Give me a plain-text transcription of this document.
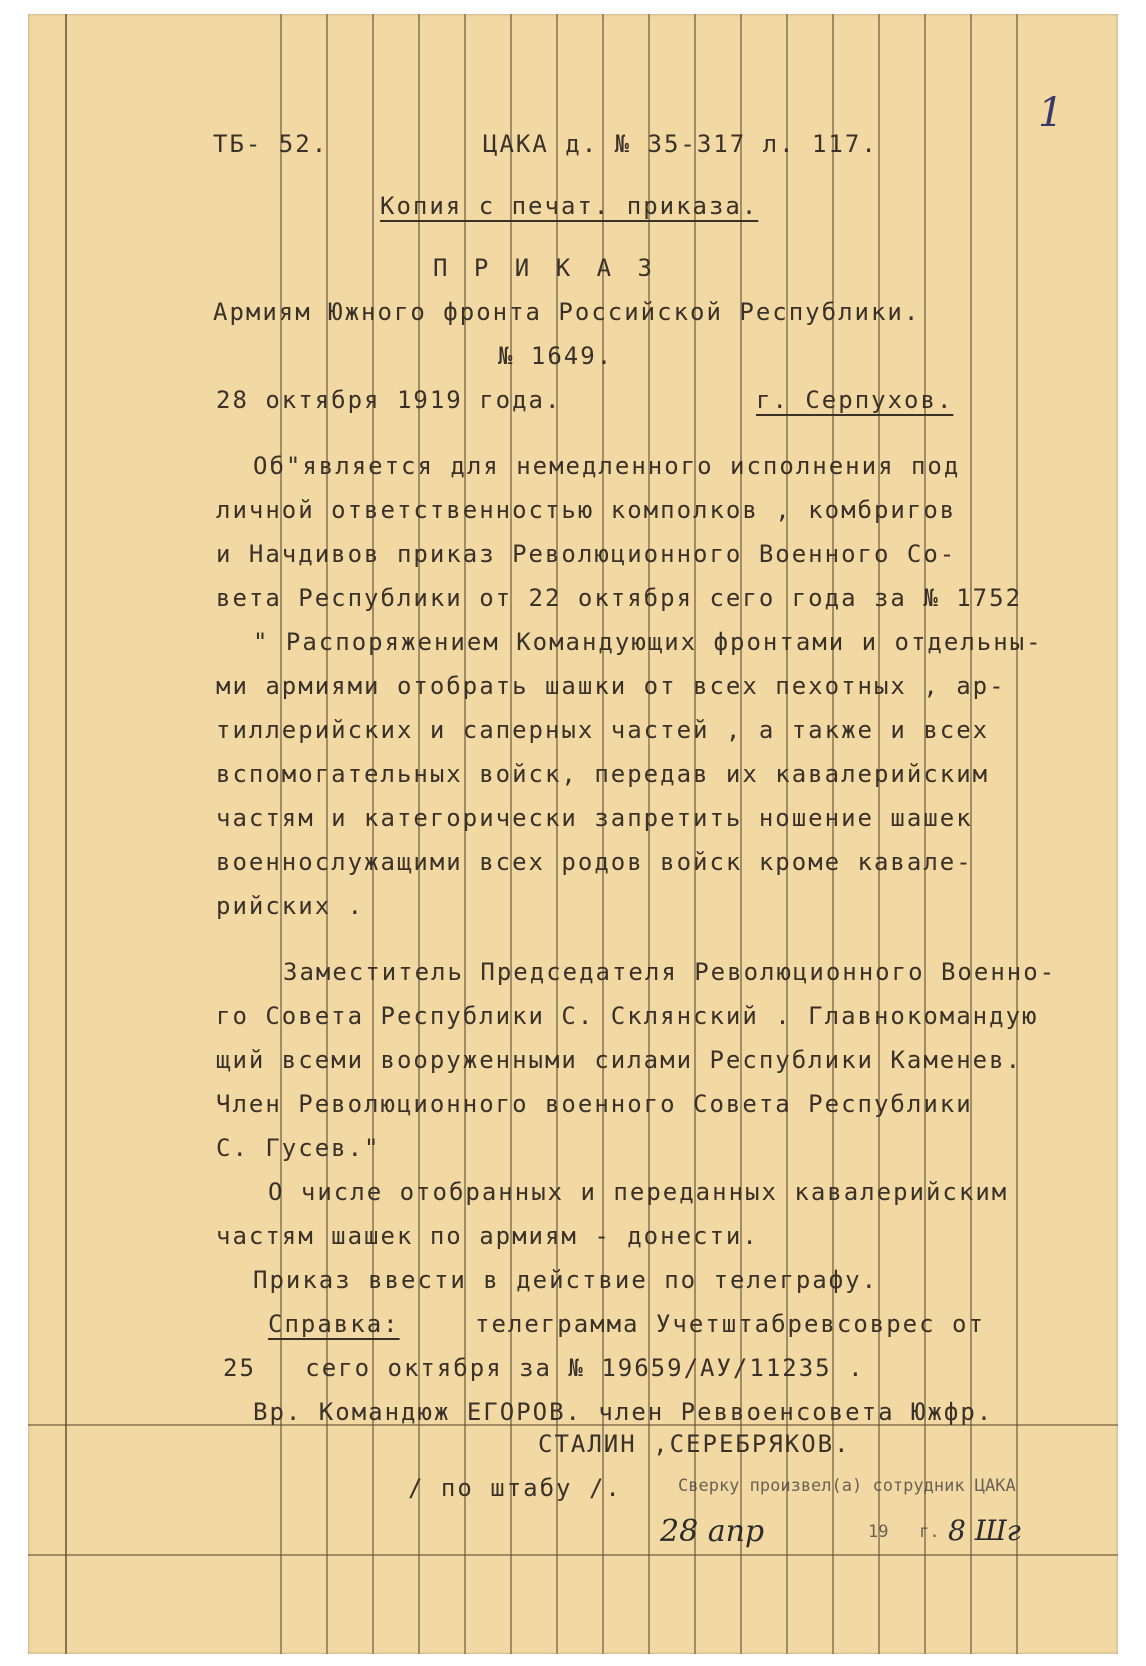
1
ТБ- 52.	ЦАКА д. № 35-317 л. 117.
Копия с печат. приказа.
П Р И К А З
Армиям Южного фронта Российской Республики.
№ 1649.
28 октября 1919 года.	г. Серпухов.
Об"является для немедленного исполнения под
личной ответственностью комполков , комбригов
и Начдивов приказ Революционного Военного Со-
вета Республики от 22 октября сего года за № 1752
" Распоряжением Командующих фронтами и отдельны-
ми армиями отобрать шашки от всех пехотных , ар-
тиллерийских и саперных частей , а также и всех
вспомогательных войск, передав их кавалерийским
частям и категорически запретить ношение шашек
военнослужащими всех родов войск кроме кавале-
рийских .
Заместитель Председателя Революционного Военно-
го Совета Республики С. Склянский . Главнокомандую
щий всеми вооруженными силами Республики Каменев.
Член Революционного военного Совета Республики
С. Гусев."
О числе отобранных и переданных кавалерийским
частям шашек по армиям - донести.
Приказ ввести в действие по телеграфу.
Справка:	телеграмма Учетштабревсоврес от
25   сего октября за № 19659/АУ/11235 .
Вр. Командюж ЕГОРОВ. член Реввоенсовета Южфр.
СТАЛИН ,СЕРЕБРЯКОВ.
/ по штабу /.	Сверку произвел(а) сотрудник ЦАКА
28 апр	19   г. 8 Шг
